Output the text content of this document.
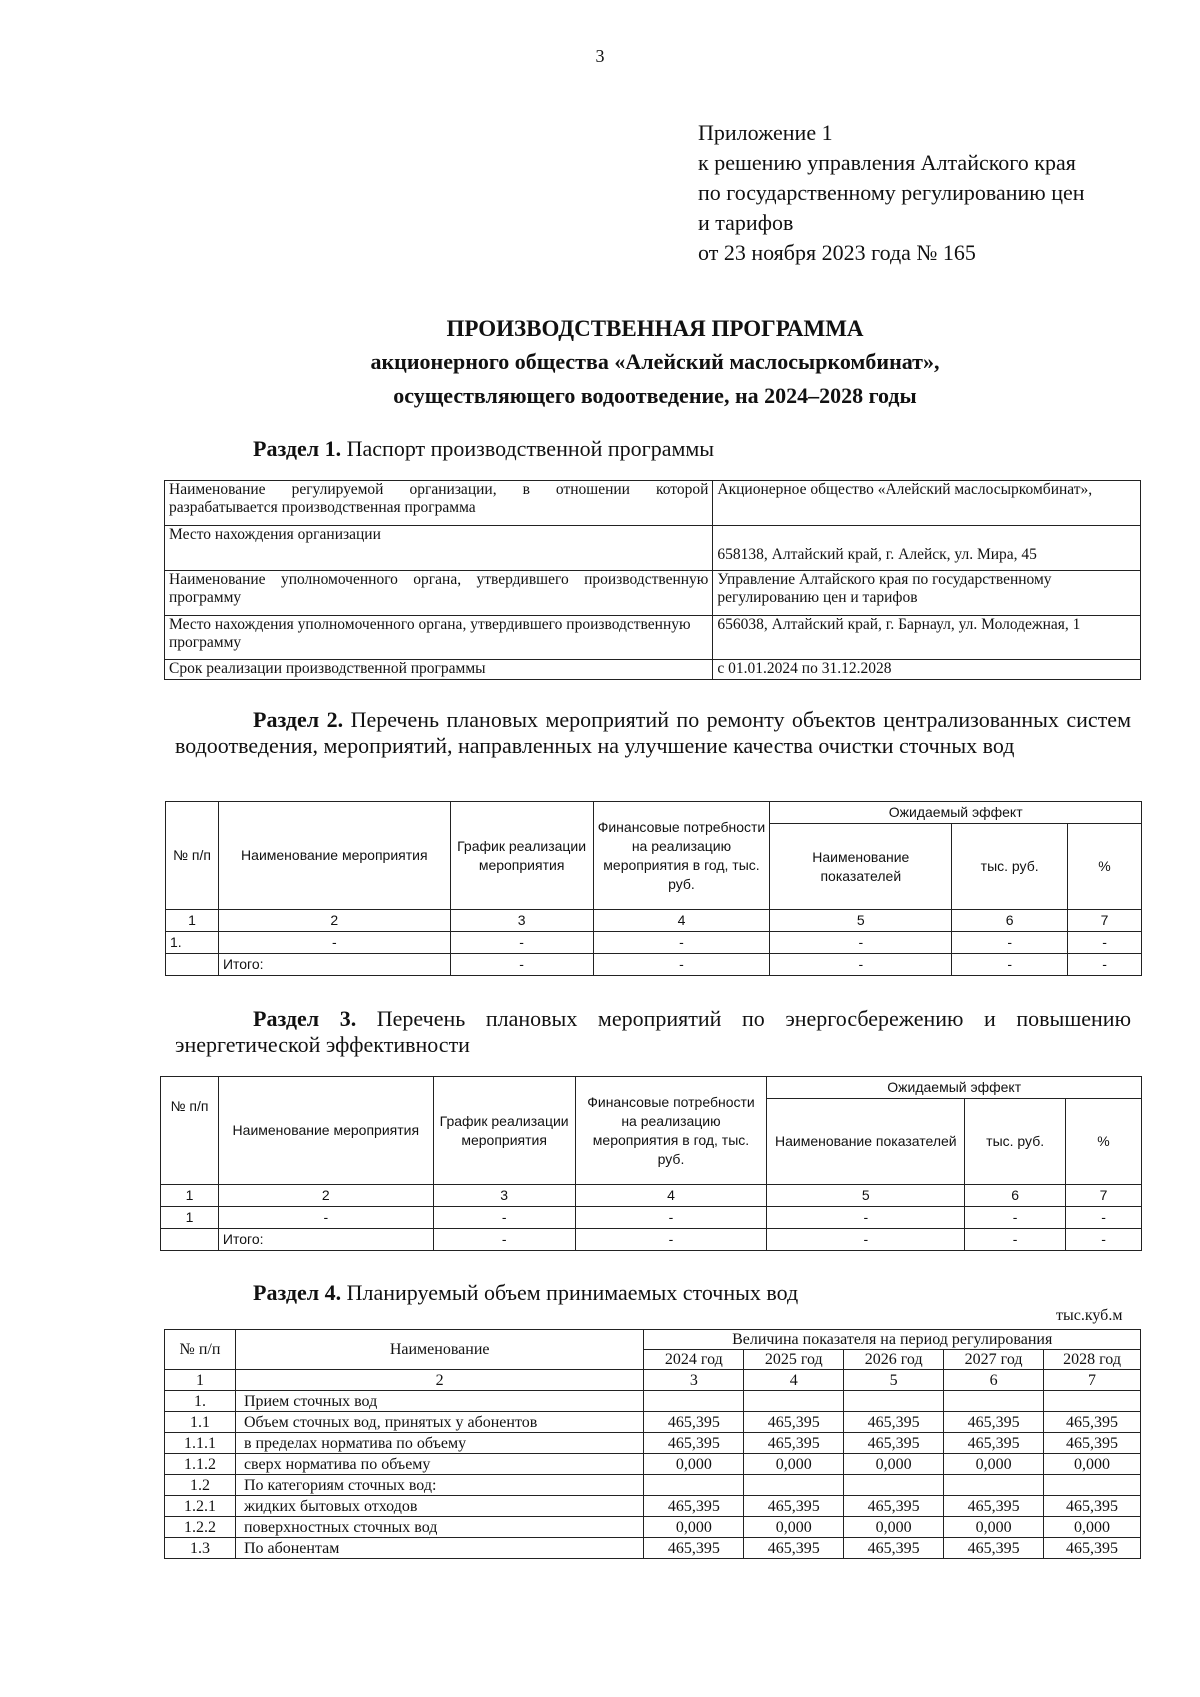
3
Приложение 1
к решению управления Алтайского края
по государственному регулированию цен
и тарифов
от 23 ноября 2023 года № 165
ПРОИЗВОДСТВЕННАЯ ПРОГРАММА
акционерного общества «Алейский маслосыркомбинат»,
осуществляющего водоотведение, на 2024–2028 годы
Раздел 1. Паспорт производственной программы
Наименование регулируемой организации, в отношении которой разрабатывается производственная программа	Акционерное общество «Алейский маслосыркомбинат»,
Место нахождения организации	658138, Алтайский край, г. Алейск, ул. Мира, 45
Наименование уполномоченного органа, утвердившего производственную программу	Управление Алтайского края по государственному регулированию цен и тарифов
Место нахождения уполномоченного органа, утвердившего производственную программу	656038, Алтайский край, г. Барнаул, ул. Молодежная, 1
Срок реализации производственной программы	с 01.01.2024 по 31.12.2028
Раздел 2. Перечень плановых мероприятий по ремонту объектов централизованных систем водоотведения, мероприятий, направленных на улучшение качества очистки сточных вод
№ п/п	Наименование мероприятия	График реализации мероприятия	Финансовые потребности на реализацию мероприятия в год, тыс. руб.	Ожидаемый эффект		
				Наименование показателей	тыс. руб.	%
1	2	3	4	5	6	7
1.	-	-	-	-	-	-
	Итого:	-	-	-	-	-
Раздел 3. Перечень плановых мероприятий по энергосбережению и повышению энергетической эффективности
№ п/п	Наименование мероприятия	График реализации мероприятия	Финансовые потребности на реализацию мероприятия в год, тыс. руб.	Ожидаемый эффект		
				Наименование показателей	тыс. руб.	%
1	2	3	4	5	6	7
1	-	-	-	-	-	-
	Итого:	-	-	-	-	-
Раздел 4. Планируемый объем принимаемых сточных вод
тыс.куб.м
№ п/п	Наименование	Величина показателя на период регулирования				
		2024 год	2025 год	2026 год	2027 год	2028 год
1	2	3	4	5	6	7
1.	Прием сточных вод					
1.1	Объем сточных вод, принятых у абонентов	465,395	465,395	465,395	465,395	465,395
1.1.1	в пределах норматива по объему	465,395	465,395	465,395	465,395	465,395
1.1.2	сверх норматива по объему	0,000	0,000	0,000	0,000	0,000
1.2	По категориям сточных вод:					
1.2.1	жидких бытовых отходов	465,395	465,395	465,395	465,395	465,395
1.2.2	поверхностных сточных вод	0,000	0,000	0,000	0,000	0,000
1.3	По абонентам	465,395	465,395	465,395	465,395	465,395
